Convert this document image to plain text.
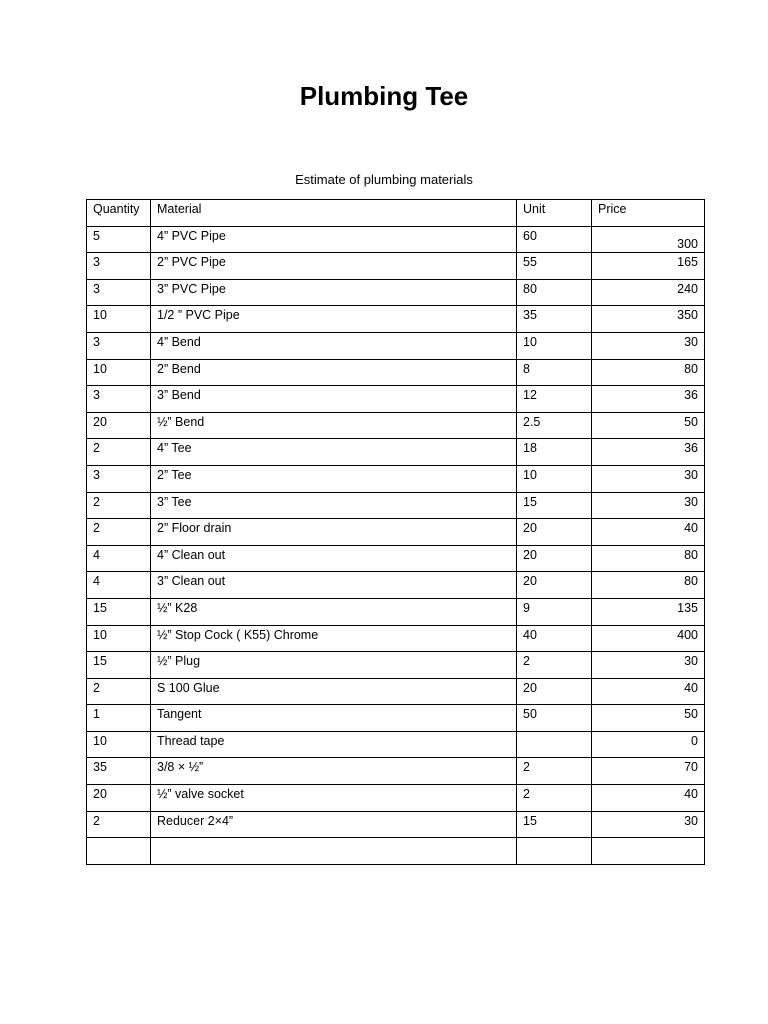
Plumbing Tee
Estimate of plumbing materials
Quantity	Material	Unit	Price
5	4” PVC Pipe	60	300
3	2” PVC Pipe	55	165
3	3” PVC Pipe	80	240
10	1/2 ” PVC Pipe	35	350
3	4” Bend	10	30
10	2” Bend	8	80
3	3” Bend	12	36
20	½” Bend	2.5	50
2	4” Tee	18	36
3	2” Tee	10	30
2	3” Tee	15	30
2	2” Floor drain	20	40
4	4” Clean out	20	80
4	3” Clean out	20	80
15	½” K28	9	135
10	½” Stop Cock ( K55) Chrome	40	400
15	½” Plug	2	30
2	S 100 Glue	20	40
1	Tangent	50	50
10	Thread tape		0
35	3/8 × ½”	2	70
20	½” valve socket	2	40
2	Reducer 2×4”	15	30
